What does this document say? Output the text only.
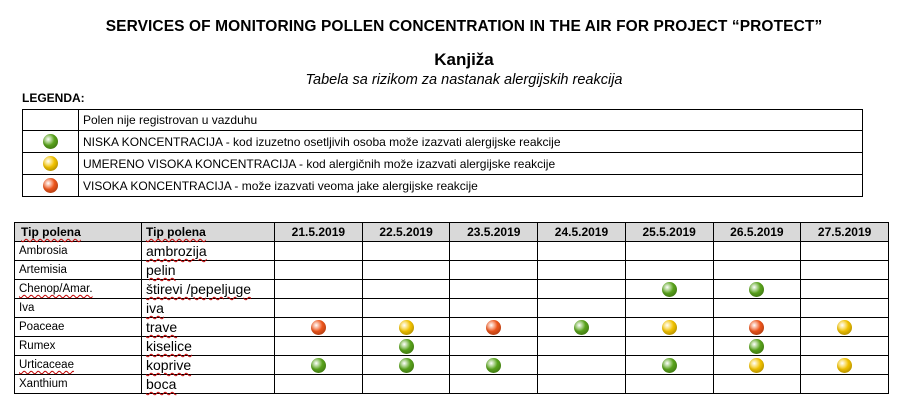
SERVICES OF MONITORING POLLEN CONCENTRATION IN THE AIR FOR PROJECT “PROTECT”
Kanjiža
Tabela sa rizikom za nastanak alergijskih reakcija
LEGENDA:
	Polen nije registrovan u vazduhu
	NISKA KONCENTRACIJA - kod izuzetno osetljivih osoba može izazvati alergijske reakcije
	UMERENO VISOKA KONCENTRACIJA - kod alergičnih može izazvati alergijske reakcije
	VISOKA KONCENTRACIJA - može izazvati veoma jake alergijske reakcije
Tip polena	Tip polena	21.5.2019	22.5.2019	23.5.2019	24.5.2019	25.5.2019	26.5.2019	27.5.2019
Ambrosia	ambrozija							
Artemisia	pelin							
Chenop/Amar.	štirevi /pepeljuge							
Iva	iva							
Poaceae	trave							
Rumex	kiselice							
Urticaceae	koprive							
Xanthium	boca							
